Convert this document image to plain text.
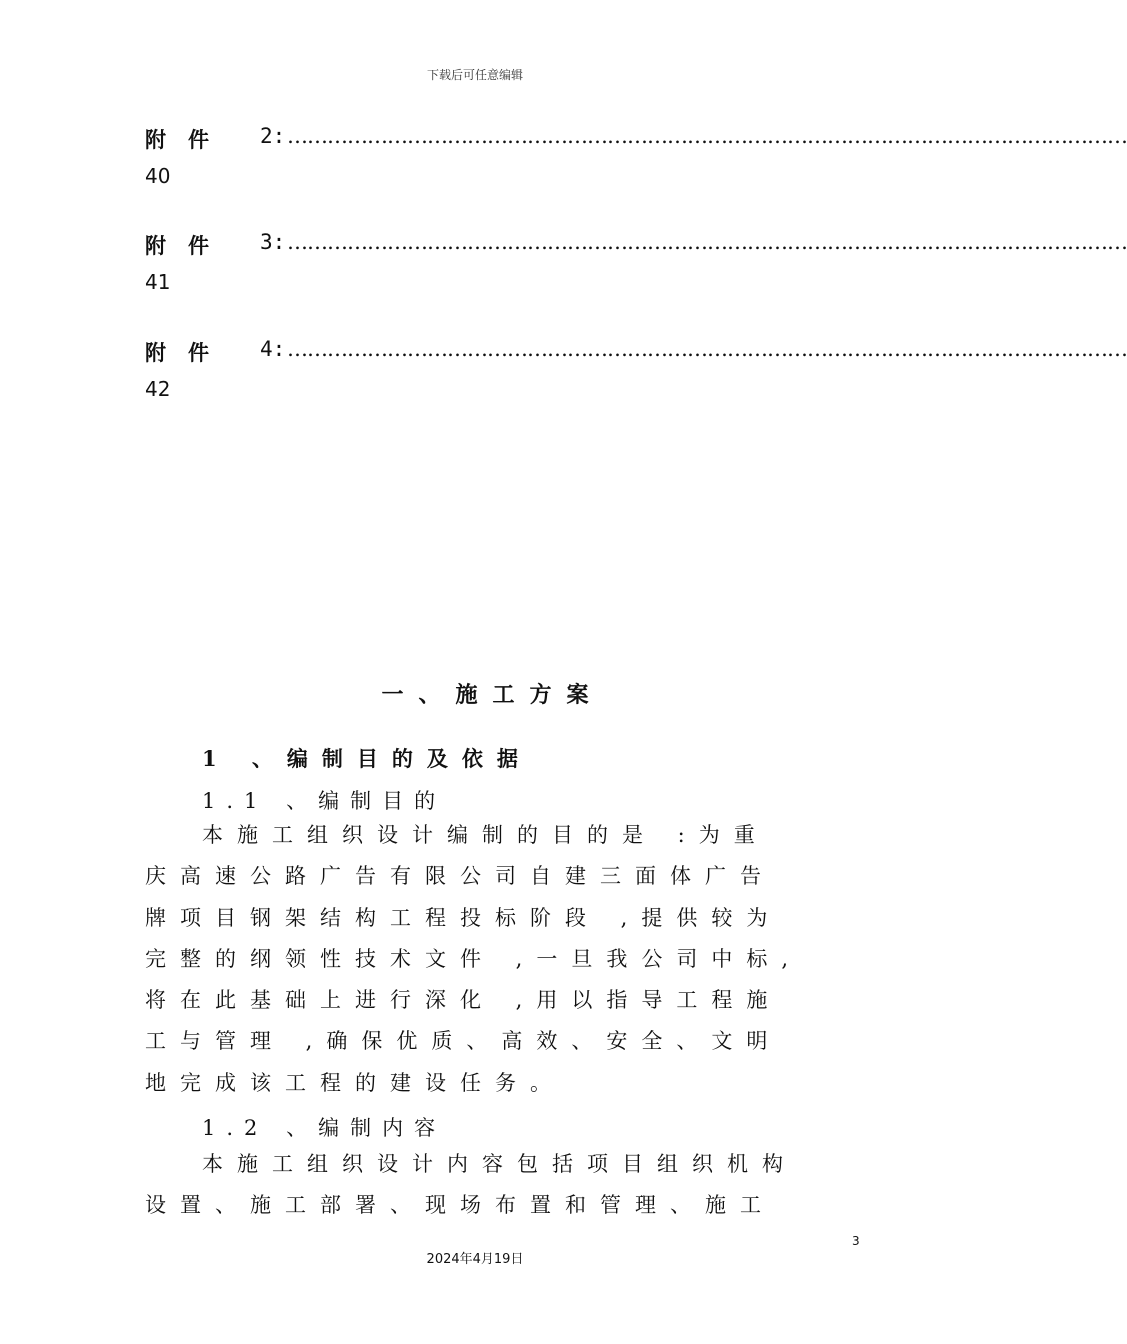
下载后可任意编辑
附件 2: ………………………………………………………………………………………………………………
40
附件 3: ………………………………………………………………………………………………………………
41
附件 4: ………………………………………………………………………………………………………………
42
一、施工方案
1 、编制目的及依据
1.1 、编制目的
本施工组织设计编制的目的是 :为重
庆高速公路广告有限公司自建三面体广告
牌项目钢架结构工程投标阶段 ,提供较为
完整的纲领性技术文件 ,一旦我公司中标,
将在此基础上进行深化 ,用以指导工程施
工与管理 ,确保优质、高效、安全、文明
地完成该工程的建设任务。
1.2 、编制内容
本施工组织设计内容包括项目组织机构
设置、施工部署、现场布置和管理、施工
3
2024年4月19日
